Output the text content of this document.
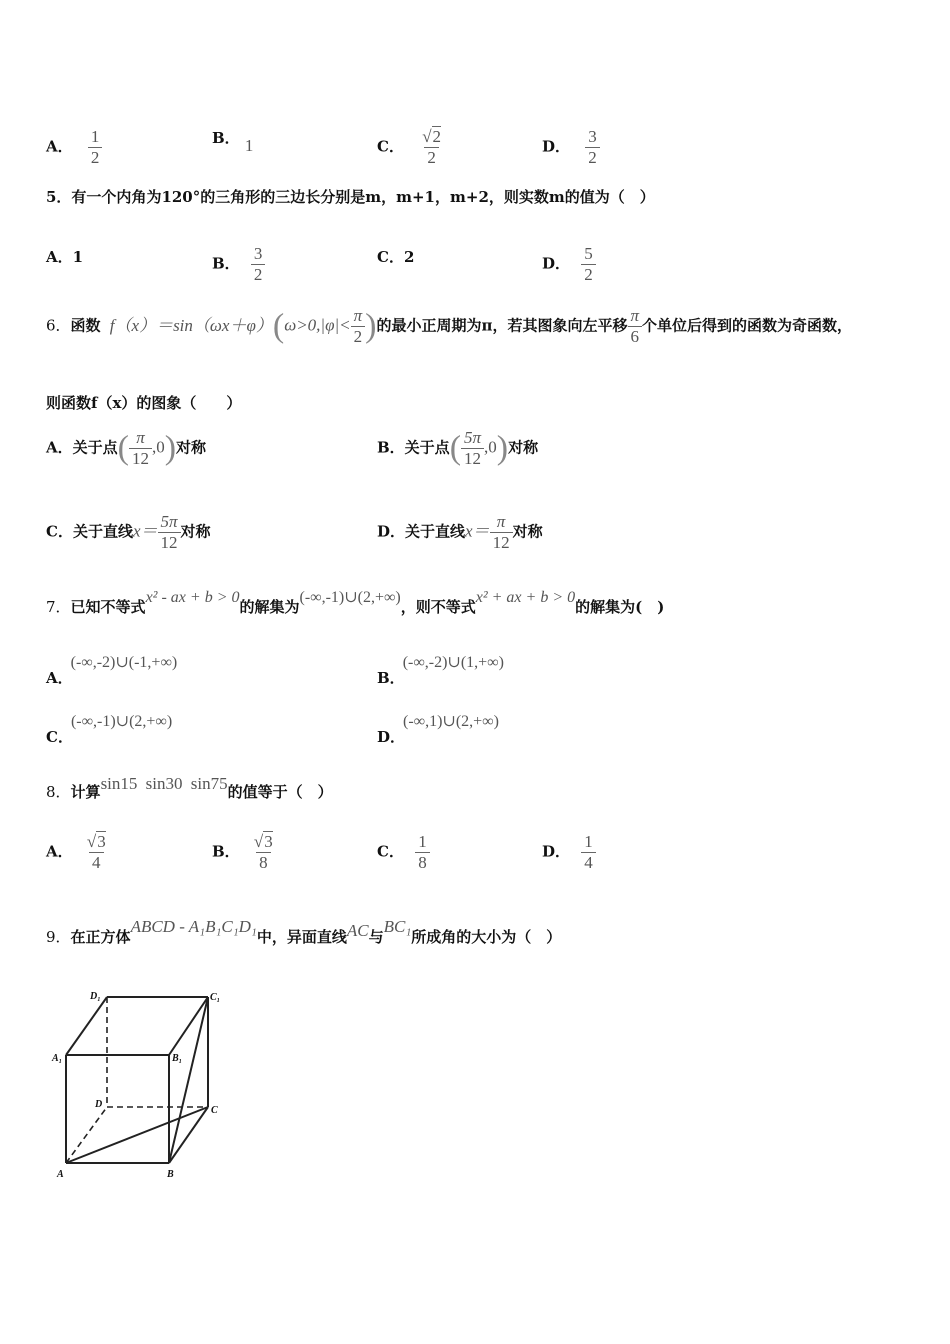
A． $\frac{1}{2}$	B． 1	C． $\frac{√2}{2}$	D． $\frac{3}{2}$
5．有一个内角为120°的三角形的三边长分别是m，m+1，m+2，则实数m的值为（　）
A．1	B． $\frac{3}{2}$	C．2	D． $\frac{5}{2}$
6．函数 $f(x)=\sin(\omega x+\varphi)(\omega>0,|\varphi|< \frac{\pi}{2}$ )的最小正周期为π，若其图象向左平移 $\frac{\pi}{6}$ 个单位后得到的函数为奇函数，
则函数f（x）的图象（　　）
A．关于点( $\frac{\pi}{12} ,0$)对称	B．关于点( $\frac{5\pi}{12} ,0$)对称
C．关于直线$x= \frac{5\pi}{12}$ 对称	D．关于直线$x= \frac{\pi}{12}$ 对称
7．已知不等式x² - ax + b > 0的解集为(-∞,-1)∪(2,+∞)，则不等式x² + ax + b > 0的解集为(　)
A．(-∞,-2)∪(-1,+∞)
B．(-∞,-2)∪(1,+∞)
C．(-∞,-1)∪(2,+∞)
D．(-∞,1)∪(2,+∞)
8．计算sin15 sin30 sin75的值等于（　）
A． $\frac{√3}{4}$	B． $\frac{√3}{8}$	C． $\frac{1}{8}$	D． $\frac{1}{4}$
9．在正方体ABCD - A₁B₁C₁D₁中，异面直线AC与BC₁所成角的大小为（　）
D₁	C₁
A₁	B₁
D
C
A	B
